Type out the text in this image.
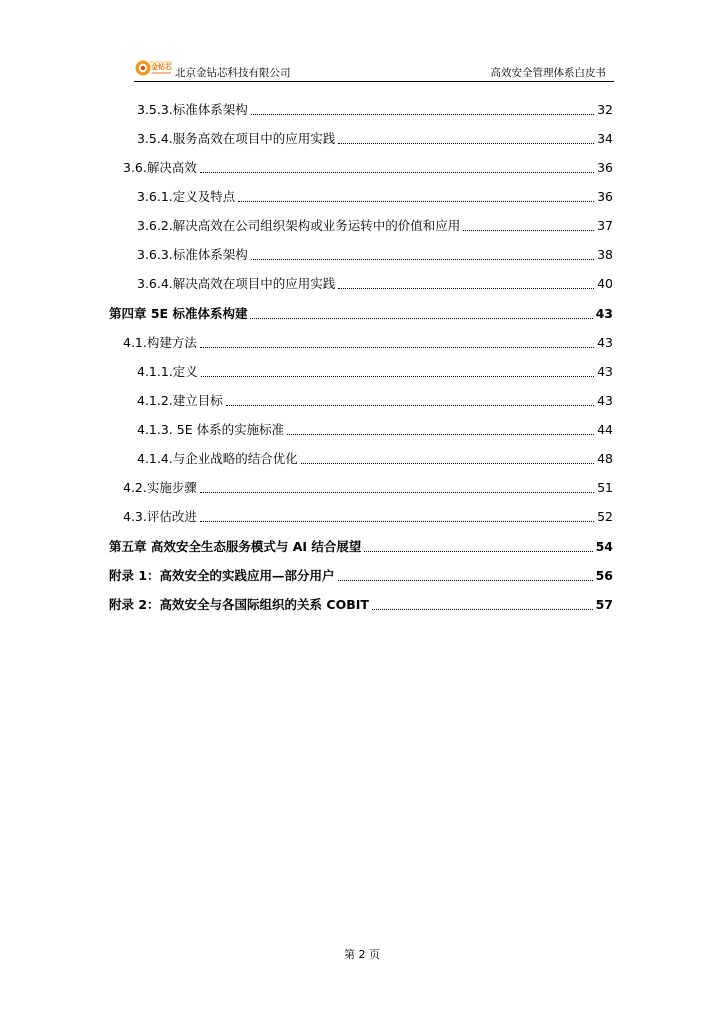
金钻芯 北京金钻芯科技有限公司	高效安全管理体系白皮书
3.5.3.标准体系架构	32
3.5.4.服务高效在项目中的应用实践	34
3.6.解决高效	36
3.6.1.定义及特点	36
3.6.2.解决高效在公司组织架构或业务运转中的价值和应用	37
3.6.3.标准体系架构	38
3.6.4.解决高效在项目中的应用实践	40
第四章 5E 标准体系构建	43
4.1.构建方法	43
4.1.1.定义	43
4.1.2.建立目标	43
4.1.3. 5E 体系的实施标准	44
4.1.4.与企业战略的结合优化	48
4.2.实施步骤	51
4.3.评估改进	52
第五章 高效安全生态服务模式与 AI 结合展望	54
附录 1：高效安全的实践应用—部分用户	56
附录 2：高效安全与各国际组织的关系 COBIT	57
第 2 页
